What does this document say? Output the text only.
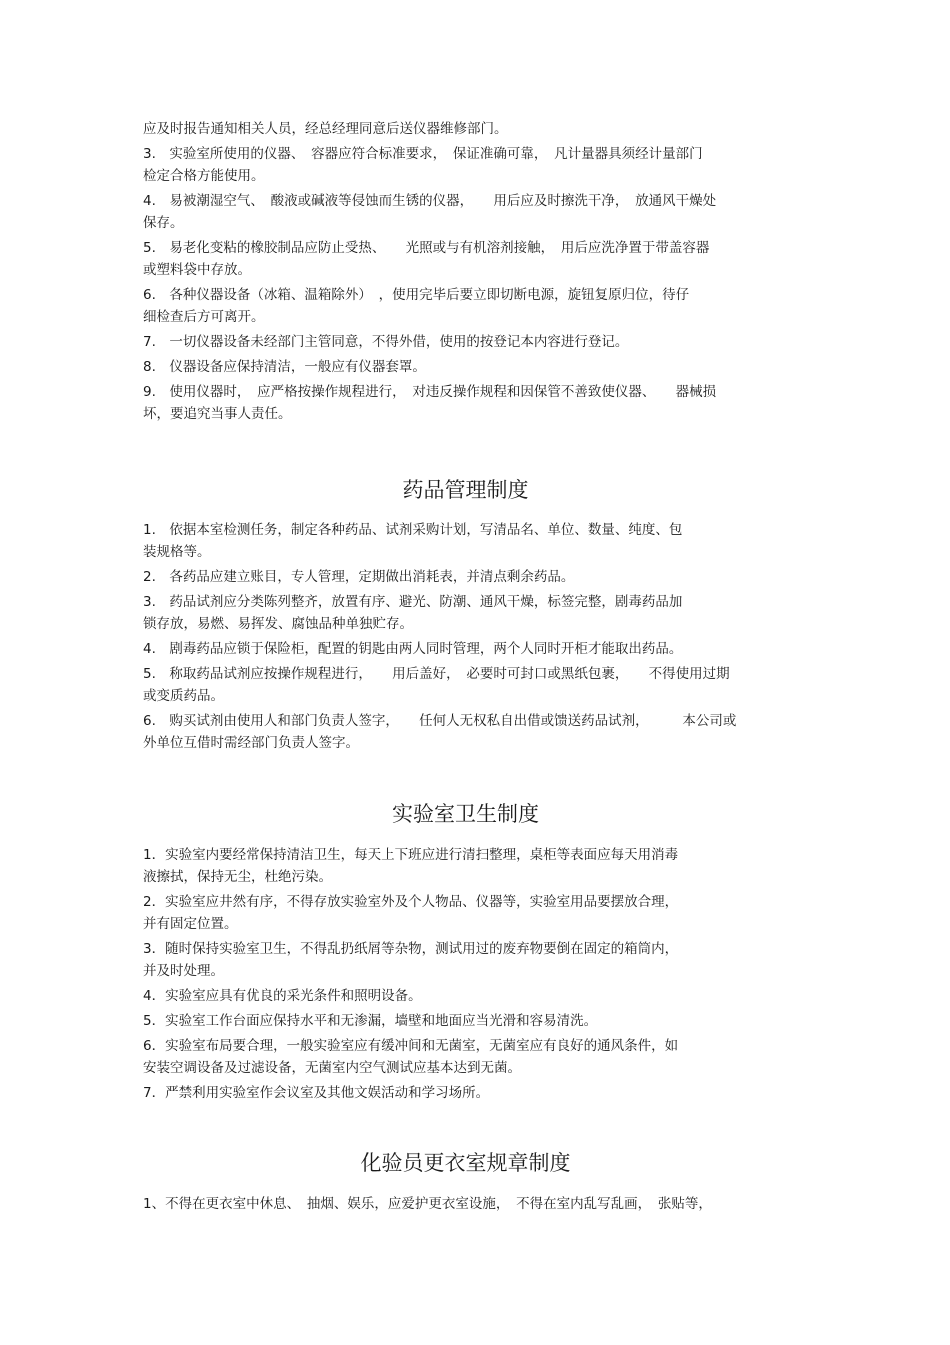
应及时报告通知相关人员，经总经理同意后送仪器维修部门。
3.　实验室所使用的仪器、　容器应符合标准要求，　保证准确可靠，　凡计量器具须经计量部门
检定合格方能使用。
4.　易被潮湿空气、　酸液或碱液等侵蚀而生锈的仪器，　　用后应及时擦洗干净，　放通风干燥处
保存。
5.　易老化变粘的橡胶制品应防止受热、　　光照或与有机溶剂接触，　用后应洗净置于带盖容器
或塑料袋中存放。
6.　各种仪器设备（冰箱、温箱除外）　，使用完毕后要立即切断电源，旋钮复原归位，待仔
细检查后方可离开。
7.　一切仪器设备未经部门主管同意，不得外借，使用的按登记本内容进行登记。
8.　仪器设备应保持清洁，一般应有仪器套罩。
9.　使用仪器时，　应严格按操作规程进行，　对违反操作规程和因保管不善致使仪器、　　器械损
坏，要追究当事人责任。
药品管理制度
1.　依据本室检测任务，制定各种药品、试剂采购计划，写清品名、单位、数量、纯度、包
装规格等。
2.　各药品应建立账目，专人管理，定期做出消耗表，并清点剩余药品。
3.　药品试剂应分类陈列整齐，放置有序、避光、防潮、通风干燥，标签完整，剧毒药品加
锁存放，易燃、易挥发、腐蚀品种单独贮存。
4.　剧毒药品应锁于保险柜，配置的钥匙由两人同时管理，两个人同时开柜才能取出药品。
5.　称取药品试剂应按操作规程进行，　　用后盖好，　必要时可封口或黑纸包裹，　　不得使用过期
或变质药品。
6.　购买试剂由使用人和部门负责人签字，　　任何人无权私自出借或馈送药品试剂，　　　本公司或
外单位互借时需经部门负责人签字。
实验室卫生制度
1．实验室内要经常保持清洁卫生，每天上下班应进行清扫整理，桌柜等表面应每天用消毒
液擦拭，保持无尘，杜绝污染。
2．实验室应井然有序，不得存放实验室外及个人物品、仪器等，实验室用品要摆放合理，
并有固定位置。
3．随时保持实验室卫生，不得乱扔纸屑等杂物，测试用过的废弃物要倒在固定的箱筒内，
并及时处理。
4．实验室应具有优良的采光条件和照明设备。
5．实验室工作台面应保持水平和无渗漏，墙壁和地面应当光滑和容易清洗。
6．实验室布局要合理，一般实验室应有缓冲间和无菌室，无菌室应有良好的通风条件，如
安装空调设备及过滤设备，无菌室内空气测试应基本达到无菌。
7．严禁利用实验室作会议室及其他文娱活动和学习场所。
化验员更衣室规章制度
1、不得在更衣室中休息、　抽烟、娱乐，应爱护更衣室设施，　不得在室内乱写乱画，　张贴等，
